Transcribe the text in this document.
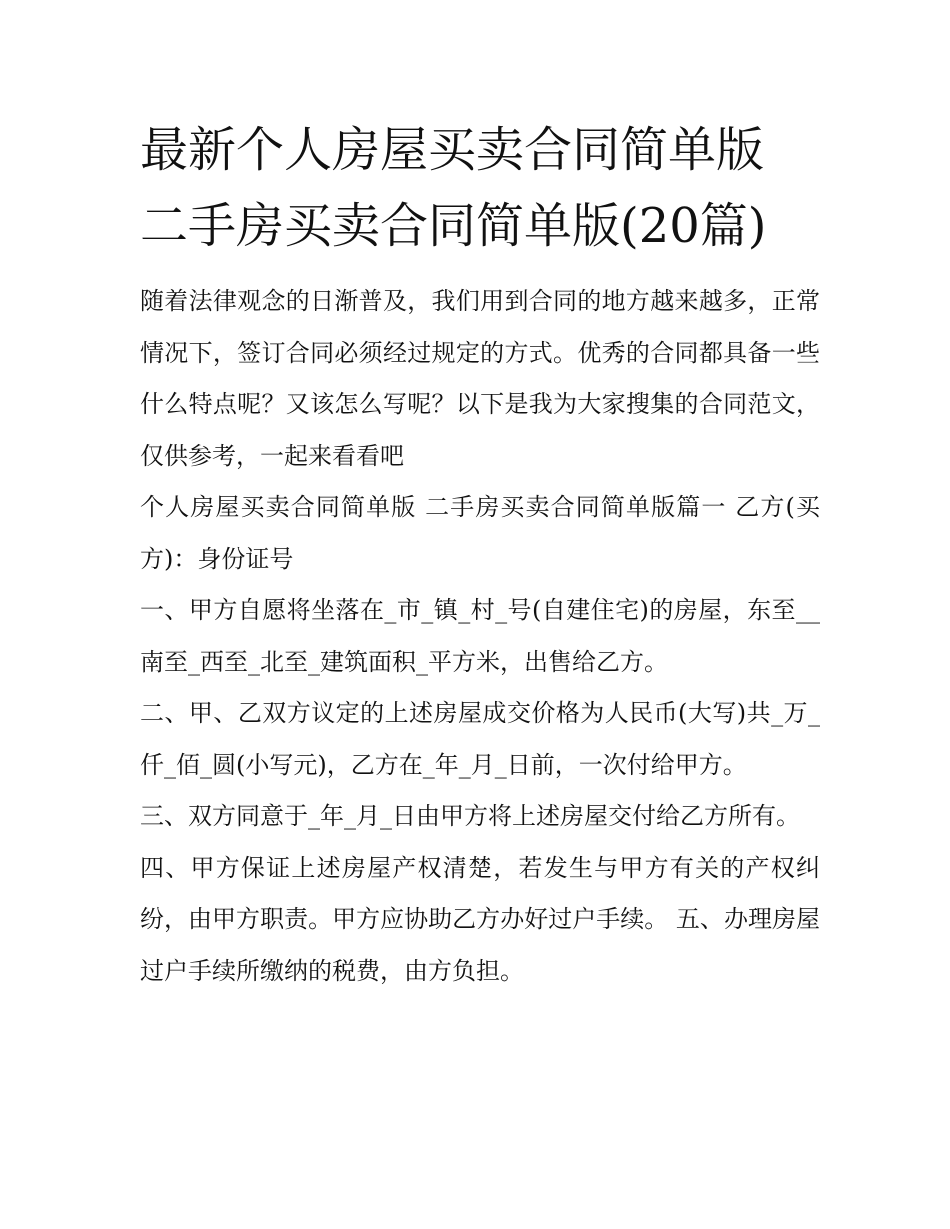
最新个人房屋买卖合同简单版
二手房买卖合同简单版(20篇)

随着法律观念的日渐普及，我们用到合同的地方越来越多，正常情况下，签订合同必须经过规定的方式。优秀的合同都具备一些什么特点呢？又该怎么写呢？以下是我为大家搜集的合同范文，仅供参考，一起来看看吧

个人房屋买卖合同简单版 二手房买卖合同简单版篇一 乙方(买方)：身份证号

一、甲方自愿将坐落在_市_镇_村_号(自建住宅)的房屋，东至__南至_西至_北至_建筑面积_平方米，出售给乙方。

二、甲、乙双方议定的上述房屋成交价格为人民币(大写)共_万_仟_佰_圆(小写元)，乙方在_年_月_日前，一次付给甲方。

三、双方同意于_年_月_日由甲方将上述房屋交付给乙方所有。

四、甲方保证上述房屋产权清楚，若发生与甲方有关的产权纠纷，由甲方职责。甲方应协助乙方办好过户手续。 五、办理房屋过户手续所缴纳的税费，由方负担。
